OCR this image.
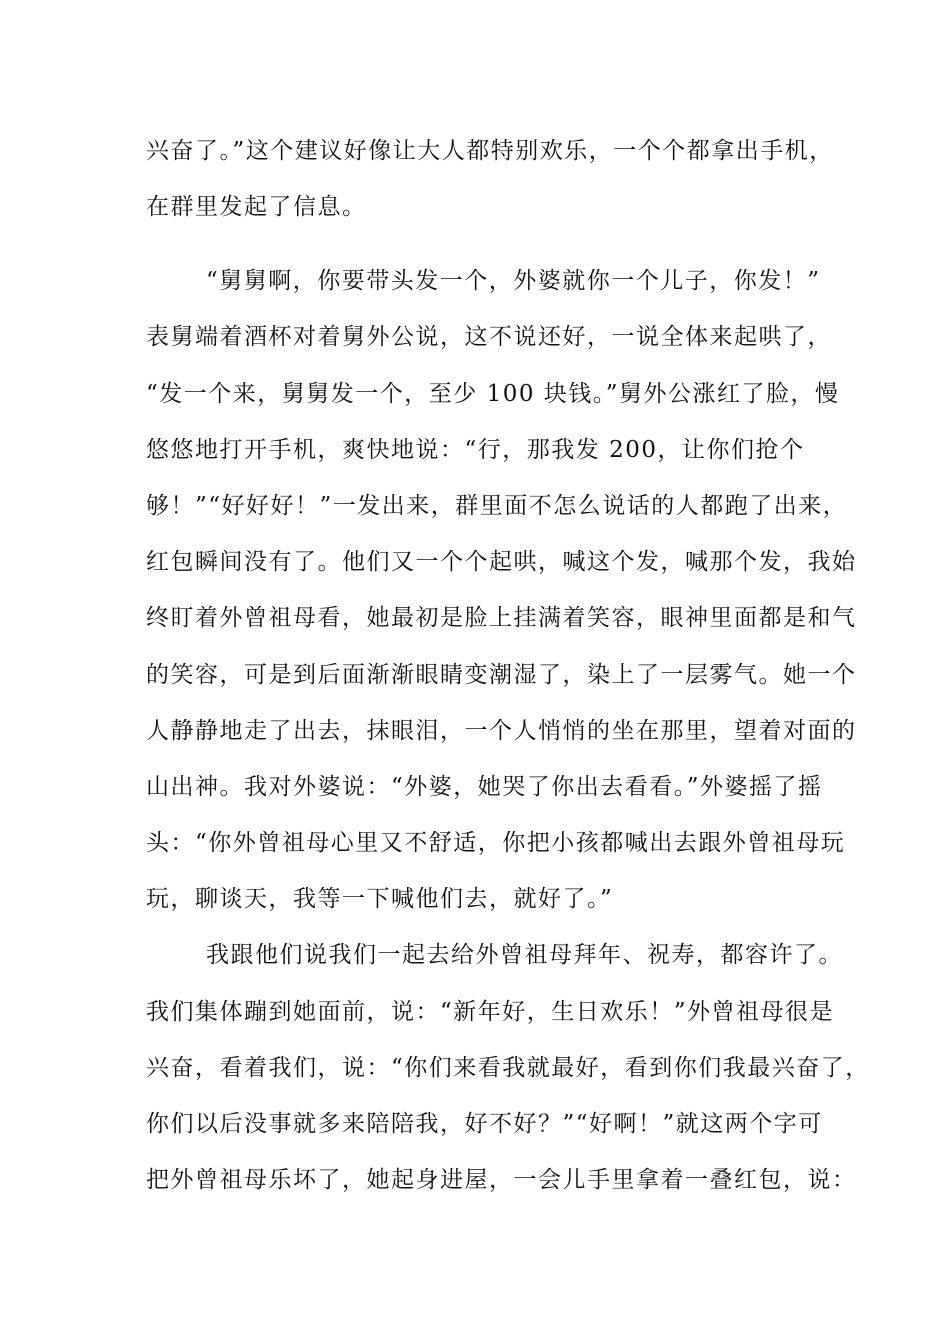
兴奋了。”这个建议好像让大人都特别欢乐，一个个都拿出手机，
在群里发起了信息。
“舅舅啊，你要带头发一个，外婆就你一个儿子，你发！”
表舅端着酒杯对着舅外公说，这不说还好，一说全体来起哄了，
“发一个来，舅舅发一个，至少 100 块钱。”舅外公涨红了脸，慢
悠悠地打开手机，爽快地说：“行，那我发 200，让你们抢个
够！”“好好好！”一发出来，群里面不怎么说话的人都跑了出来，
红包瞬间没有了。他们又一个个起哄，喊这个发，喊那个发，我始
终盯着外曾祖母看，她最初是脸上挂满着笑容，眼神里面都是和气
的笑容，可是到后面渐渐眼睛变潮湿了，染上了一层雾气。她一个
人静静地走了出去，抹眼泪，一个人悄悄的坐在那里，望着对面的
山出神。我对外婆说：“外婆，她哭了你出去看看。”外婆摇了摇
头：“你外曾祖母心里又不舒适，你把小孩都喊出去跟外曾祖母玩
玩，聊谈天，我等一下喊他们去，就好了。”
我跟他们说我们一起去给外曾祖母拜年、祝寿，都容许了。
我们集体蹦到她面前，说：“新年好，生日欢乐！”外曾祖母很是
兴奋，看着我们，说：“你们来看我就最好，看到你们我最兴奋了，
你们以后没事就多来陪陪我，好不好？”“好啊！”就这两个字可
把外曾祖母乐坏了，她起身进屋，一会儿手里拿着一叠红包，说：
